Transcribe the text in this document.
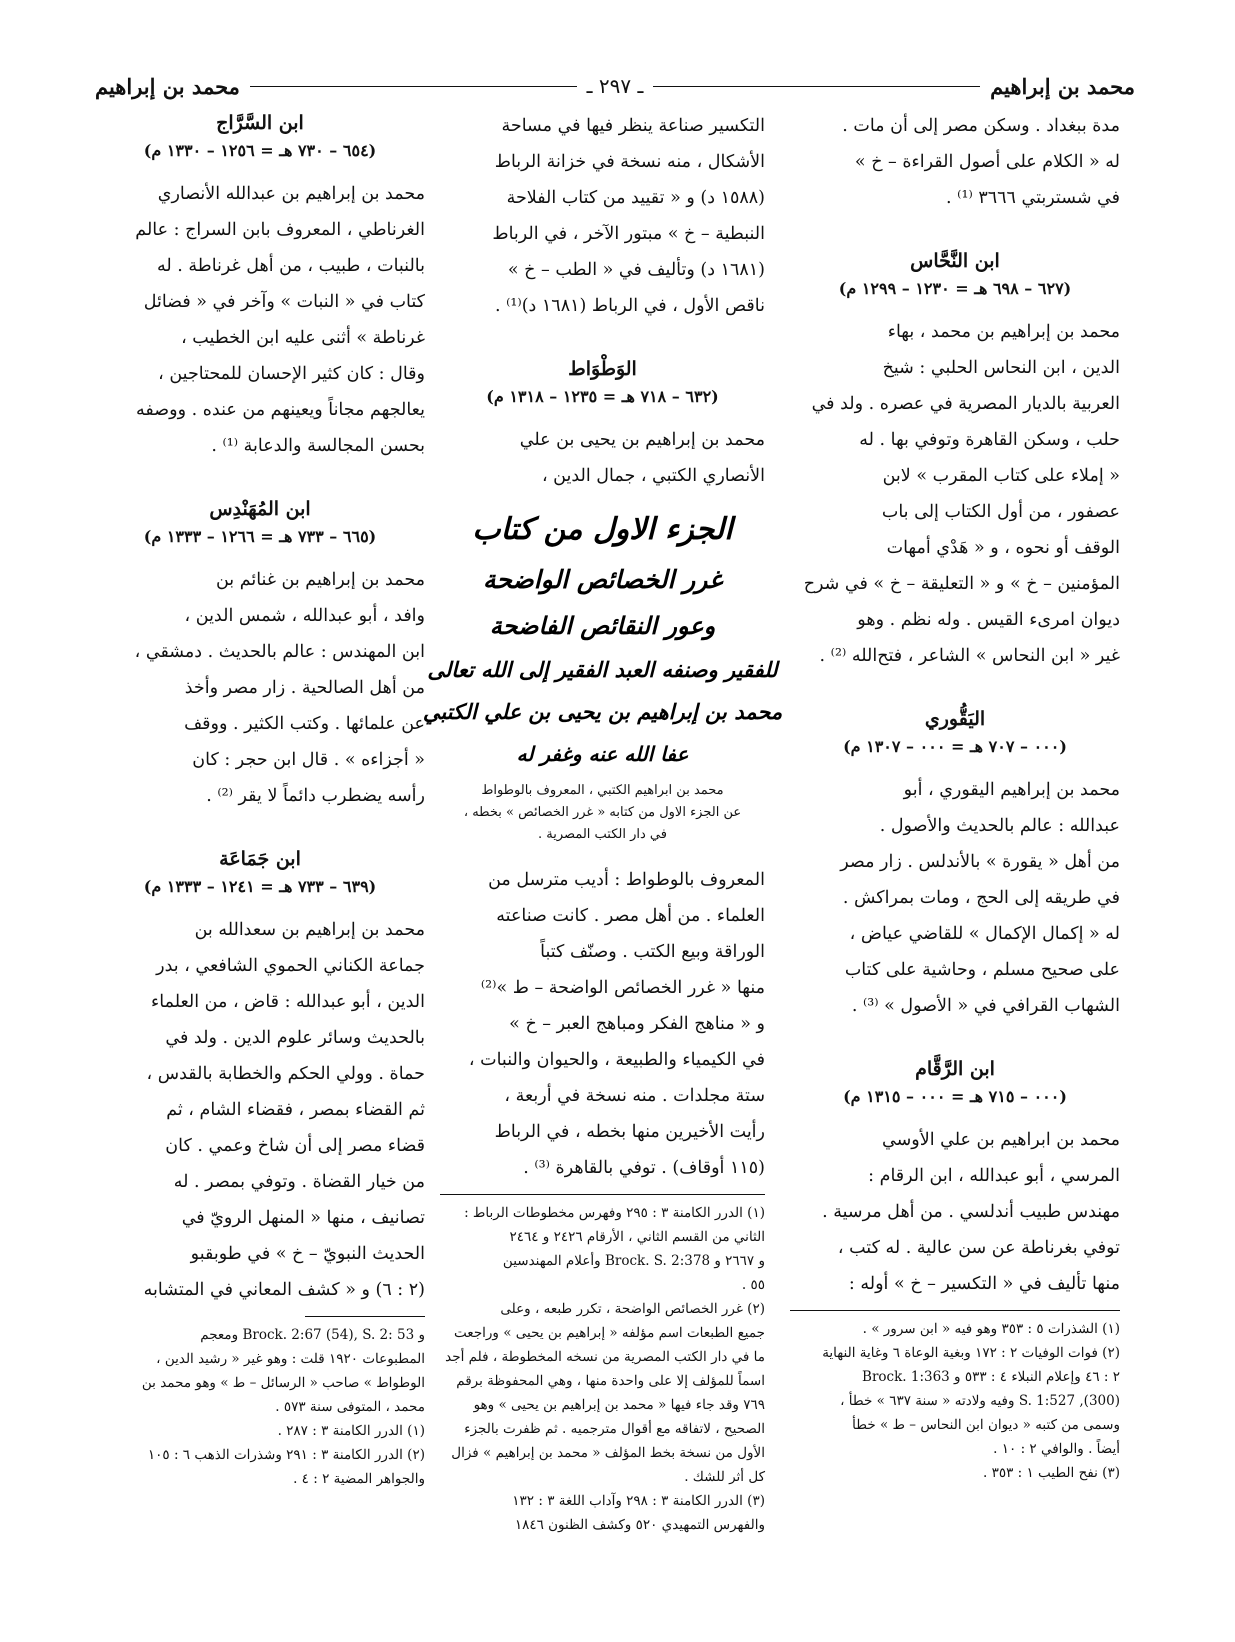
محمد بن إبراهيم
ـ ٢٩٧ ـ
محمد بن إبراهيم

مدة ببغداد . وسكن مصر إلى أن مات .

له « الكلام على أصول القراءة – خ »

في شستربتي ٣٦٦٦ ⁽¹⁾ .

ابن النَّحَّاس

(٦٢٧ – ٦٩٨ هـ = ١٢٣٠ – ١٢٩٩ م)

محمد بن إبراهيم بن محمد ، بهاء

الدين ، ابن النحاس الحلبي : شيخ

العربية بالديار المصرية في عصره . ولد في

حلب ، وسكن القاهرة وتوفي بها . له

« إملاء على كتاب المقرب » لابن

عصفور ، من أول الكتاب إلى باب

الوقف أو نحوه ، و « هَدْي أمهات

المؤمنين – خ » و « التعليقة – خ » في شرح

ديوان امرىء القيس . وله نظم . وهو

غير « ابن النحاس » الشاعر ، فتح‌الله ⁽²⁾ .

اليَقُّوري

(٠٠٠ – ٧٠٧ هـ = ٠٠٠ – ١٣٠٧ م)

محمد بن إبراهيم اليقوري ، أبو

عبدالله : عالم بالحديث والأصول .

من أهل « يقورة » بالأندلس . زار مصر

في طريقه إلى الحج ، ومات بمراكش .

له « إكمال الإكمال » للقاضي عياض ،

على صحيح مسلم ، وحاشية على كتاب

الشهاب القرافي في « الأصول » ⁽³⁾ .

ابن الرَّقَّام

(٠٠٠ – ٧١٥ هـ = ٠٠٠ – ١٣١٥ م)

محمد بن ابراهيم بن علي الأوسي

المرسي ، أبو عبدالله ، ابن الرقام :

مهندس طبيب أندلسي . من أهل مرسية .

توفي بغرناطة عن سن عالية . له كتب ،

منها تأليف في « التكسير – خ » أوله :

(١) الشذرات ٥ : ٣٥٣ وهو فيه « ابن سرور » .

(٢) فوات الوفيات ٢ : ١٧٢ وبغية الوعاة ٦ وغاية النهاية

٢ : ٤٦ وإعلام النبلاء ٤ : ٥٣٣ و Brock. 1:363

(300), S. 1:527 وفيه ولادته « سنة ٦٣٧ » خطأ ،

وسمى من كتبه « ديوان ابن النحاس – ط » خطأ

أيضاً . والوافي ٢ : ١٠ .

(٣) نفح الطيب ١ : ٣٥٣ .

التكسير صناعة ينظر فيها في مساحة

الأشكال ، منه نسخة في خزانة الرباط

(١٥٨٨ د) و « تقييد من كتاب الفلاحة

النبطية – خ » مبتور الآخر ، في الرباط

(١٦٨١ د) وتأليف في « الطب – خ »

ناقص الأول ، في الرباط (١٦٨١ د)⁽¹⁾ .

الوَطْوَاط

(٦٣٢ – ٧١٨ هـ = ١٢٣٥ – ١٣١٨ م)

محمد بن إبراهيم بن يحيى بن علي

الأنصاري الكتبي ، جمال الدين ،

الجزء الاول من كتاب
غرر الخصائص الواضحة
وعور النقائص الفاضحة
للفقير وصنفه العبد الفقير إلى الله تعالى
محمد بن إبراهيم بن يحيى بن علي الكتبي
عفا الله عنه وغفر له
محمد بن ابراهيم الكتبي ، المعروف بالوطواط
عن الجزء الاول من كتابه « غرر الخصائص » بخطه ،
في دار الكتب المصرية .

المعروف بالوطواط : أديب مترسل من

العلماء . من أهل مصر . كانت صناعته

الوراقة وبيع الكتب . وصنّف كتباً

منها « غرر الخصائص الواضحة – ط »⁽²⁾

و « مناهج الفكر ومباهج العبر – خ »

في الكيمياء والطبيعة ، والحيوان والنبات ،

ستة مجلدات . منه نسخة في أربعة ،

رأيت الأخيرين منها بخطه ، في الرباط

(١١٥ أوقاف) . توفي بالقاهرة ⁽³⁾ .

(١) الدرر الكامنة ٣ : ٢٩٥ وفهرس مخطوطات الرباط :

الثاني من القسم الثاني ، الأرقام ٢٤٢٦ و ٢٤٦٤

و ٢٦٦٧ و Brock. S. 2:378 وأعلام المهندسين

٥٥ .

(٢) غرر الخصائص الواضحة ، تكرر طبعه ، وعلى

جميع الطبعات اسم مؤلفه « إبراهيم بن يحيى » وراجعت

ما في دار الكتب المصرية من نسخه المخطوطة ، فلم أجد

اسماً للمؤلف إلا على واحدة منها ، وهي المحفوظة برقم

٧٦٩ وقد جاء فيها « محمد بن إبراهيم بن يحيى » وهو

الصحيح ، لاتفاقه مع أقوال مترجميه . ثم ظفرت بالجزء

الأول من نسخة بخط المؤلف « محمد بن إبراهيم » فزال

كل أثر للشك .

(٣) الدرر الكامنة ٣ : ٢٩٨ وآداب اللغة ٣ : ١٣٢

والفهرس التمهيدي ٥٢٠ وكشف الظنون ١٨٤٦

ابن السَّرَّاج

(٦٥٤ – ٧٣٠ هـ = ١٢٥٦ – ١٣٣٠ م)

محمد بن إبراهيم بن عبدالله الأنصاري

الغرناطي ، المعروف بابن السراج : عالم

بالنبات ، طبيب ، من أهل غرناطة . له

كتاب في « النبات » وآخر في « فضائل

غرناطة » أثنى عليه ابن الخطيب ،

وقال : كان كثير الإحسان للمحتاجين ،

يعالجهم مجاناً ويعينهم من عنده . ووصفه

بحسن المجالسة والدعابة ⁽¹⁾ .

ابن المُهَنْدِس

(٦٦٥ – ٧٣٣ هـ = ١٢٦٦ – ١٣٣٣ م)

محمد بن إبراهيم بن غنائم بن

وافد ، أبو عبدالله ، شمس الدين ،

ابن المهندس : عالم بالحديث . دمشقي ،

من أهل الصالحية . زار مصر وأخذ

عن علمائها . وكتب الكثير . ووقف

« أجزاءه » . قال ابن حجر : كان

رأسه يضطرب دائماً لا يقر ⁽²⁾ .

ابن جَمَاعَة

(٦٣٩ – ٧٣٣ هـ = ١٢٤١ – ١٣٣٣ م)

محمد بن إبراهيم بن سعدالله بن

جماعة الكناني الحموي الشافعي ، بدر

الدين ، أبو عبدالله : قاض ، من العلماء

بالحديث وسائر علوم الدين . ولد في

حماة . وولي الحكم والخطابة بالقدس ،

ثم القضاء بمصر ، فقضاء الشام ، ثم

قضاء مصر إلى أن شاخ وعمي . كان

من خيار القضاة . وتوفي بمصر . له

تصانيف ، منها « المنهل الرويّ في

الحديث النبويّ – خ » في طوبقبو

(٢ : ٦) و « كشف المعاني في المتشابه

و 53 :Brock. 2:67 (54), S. 2 ومعجم

المطبوعات ١٩٢٠ قلت : وهو غير « رشيد الدين ،

الوطواط » صاحب « الرسائل – ط » وهو محمد بن

محمد ، المتوفى سنة ٥٧٣ .

(١) الدرر الكامنة ٣ : ٢٨٧ .

(٢) الدرر الكامنة ٣ : ٢٩١ وشذرات الذهب ٦ : ١٠٥

والجواهر المضية ٢ : ٤ .
